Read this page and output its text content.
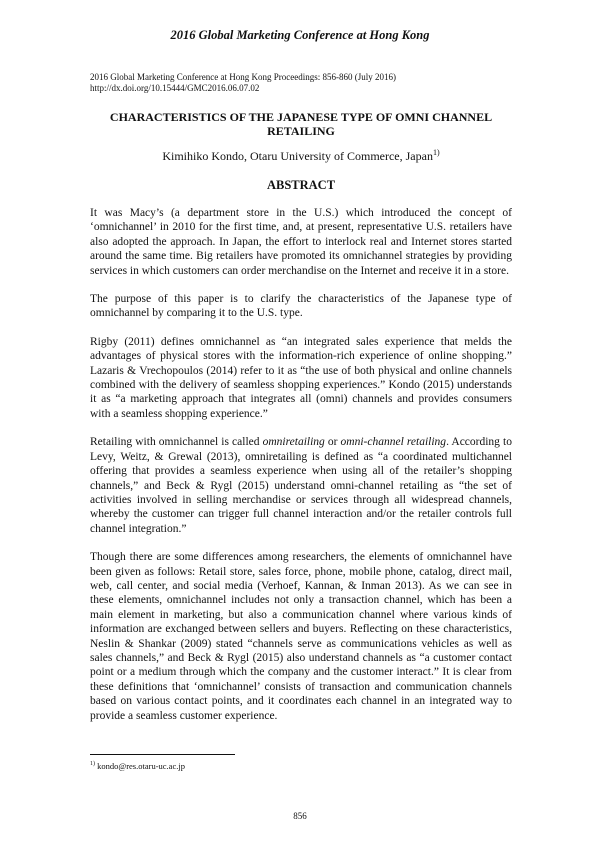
2016 Global Marketing Conference at Hong Kong
2016 Global Marketing Conference at Hong Kong Proceedings: 856-860 (July 2016)
http://dx.doi.org/10.15444/GMC2016.06.07.02
CHARACTERISTICS OF THE JAPANESE TYPE OF OMNI CHANNEL RETAILING
Kimihiko Kondo, Otaru University of Commerce, Japan$^{1)}$
ABSTRACT

It was Macy’s (a department store in the U.S.) which introduced the concept of ‘omnichannel’ in 2010 for the first time, and, at present, representative U.S. retailers have also adopted the approach. In Japan, the effort to interlock real and Internet stores started around the same time. Big retailers have promoted its omnichannel strategies by providing services in which customers can order merchandise on the Internet and receive it in a store.

The purpose of this paper is to clarify the characteristics of the Japanese type of omnichannel by comparing it to the U.S. type.

Rigby (2011) defines omnichannel as “an integrated sales experience that melds the advantages of physical stores with the information-rich experience of online shopping.” Lazaris & Vrechopoulos (2014) refer to it as “the use of both physical and online channels combined with the delivery of seamless shopping experiences.” Kondo (2015) understands it as “a marketing approach that integrates all (omni) channels and provides consumers with a seamless shopping experience.”

Retailing with omnichannel is called omniretailing or omni-channel retailing. According to Levy, Weitz, & Grewal (2013), omniretailing is defined as “a coordinated multichannel offering that provides a seamless experience when using all of the retailer’s shopping channels,” and Beck & Rygl (2015) understand omni-channel retailing as “the set of activities involved in selling merchandise or services through all widespread channels, whereby the customer can trigger full channel interaction and/or the retailer controls full channel integration.”

Though there are some differences among researchers, the elements of omnichannel have been given as follows: Retail store, sales force, phone, mobile phone, catalog, direct mail, web, call center, and social media (Verhoef, Kannan, & Inman 2013). As we can see in these elements, omnichannel includes not only a transaction channel, which has been a main element in marketing, but also a communication channel where various kinds of information are exchanged between sellers and buyers. Reflecting on these characteristics, Neslin & Shankar (2009) stated “channels serve as communications vehicles as well as sales channels,” and Beck & Rygl (2015) also understand channels as “a customer contact point or a medium through which the company and the customer interact.” It is clear from these definitions that ‘omnichannel’ consists of transaction and communication channels based on various contact points, and it coordinates each channel in an integrated way to provide a seamless customer experience.

$^{1)}$ kondo@res.otaru-uc.ac.jp
856
